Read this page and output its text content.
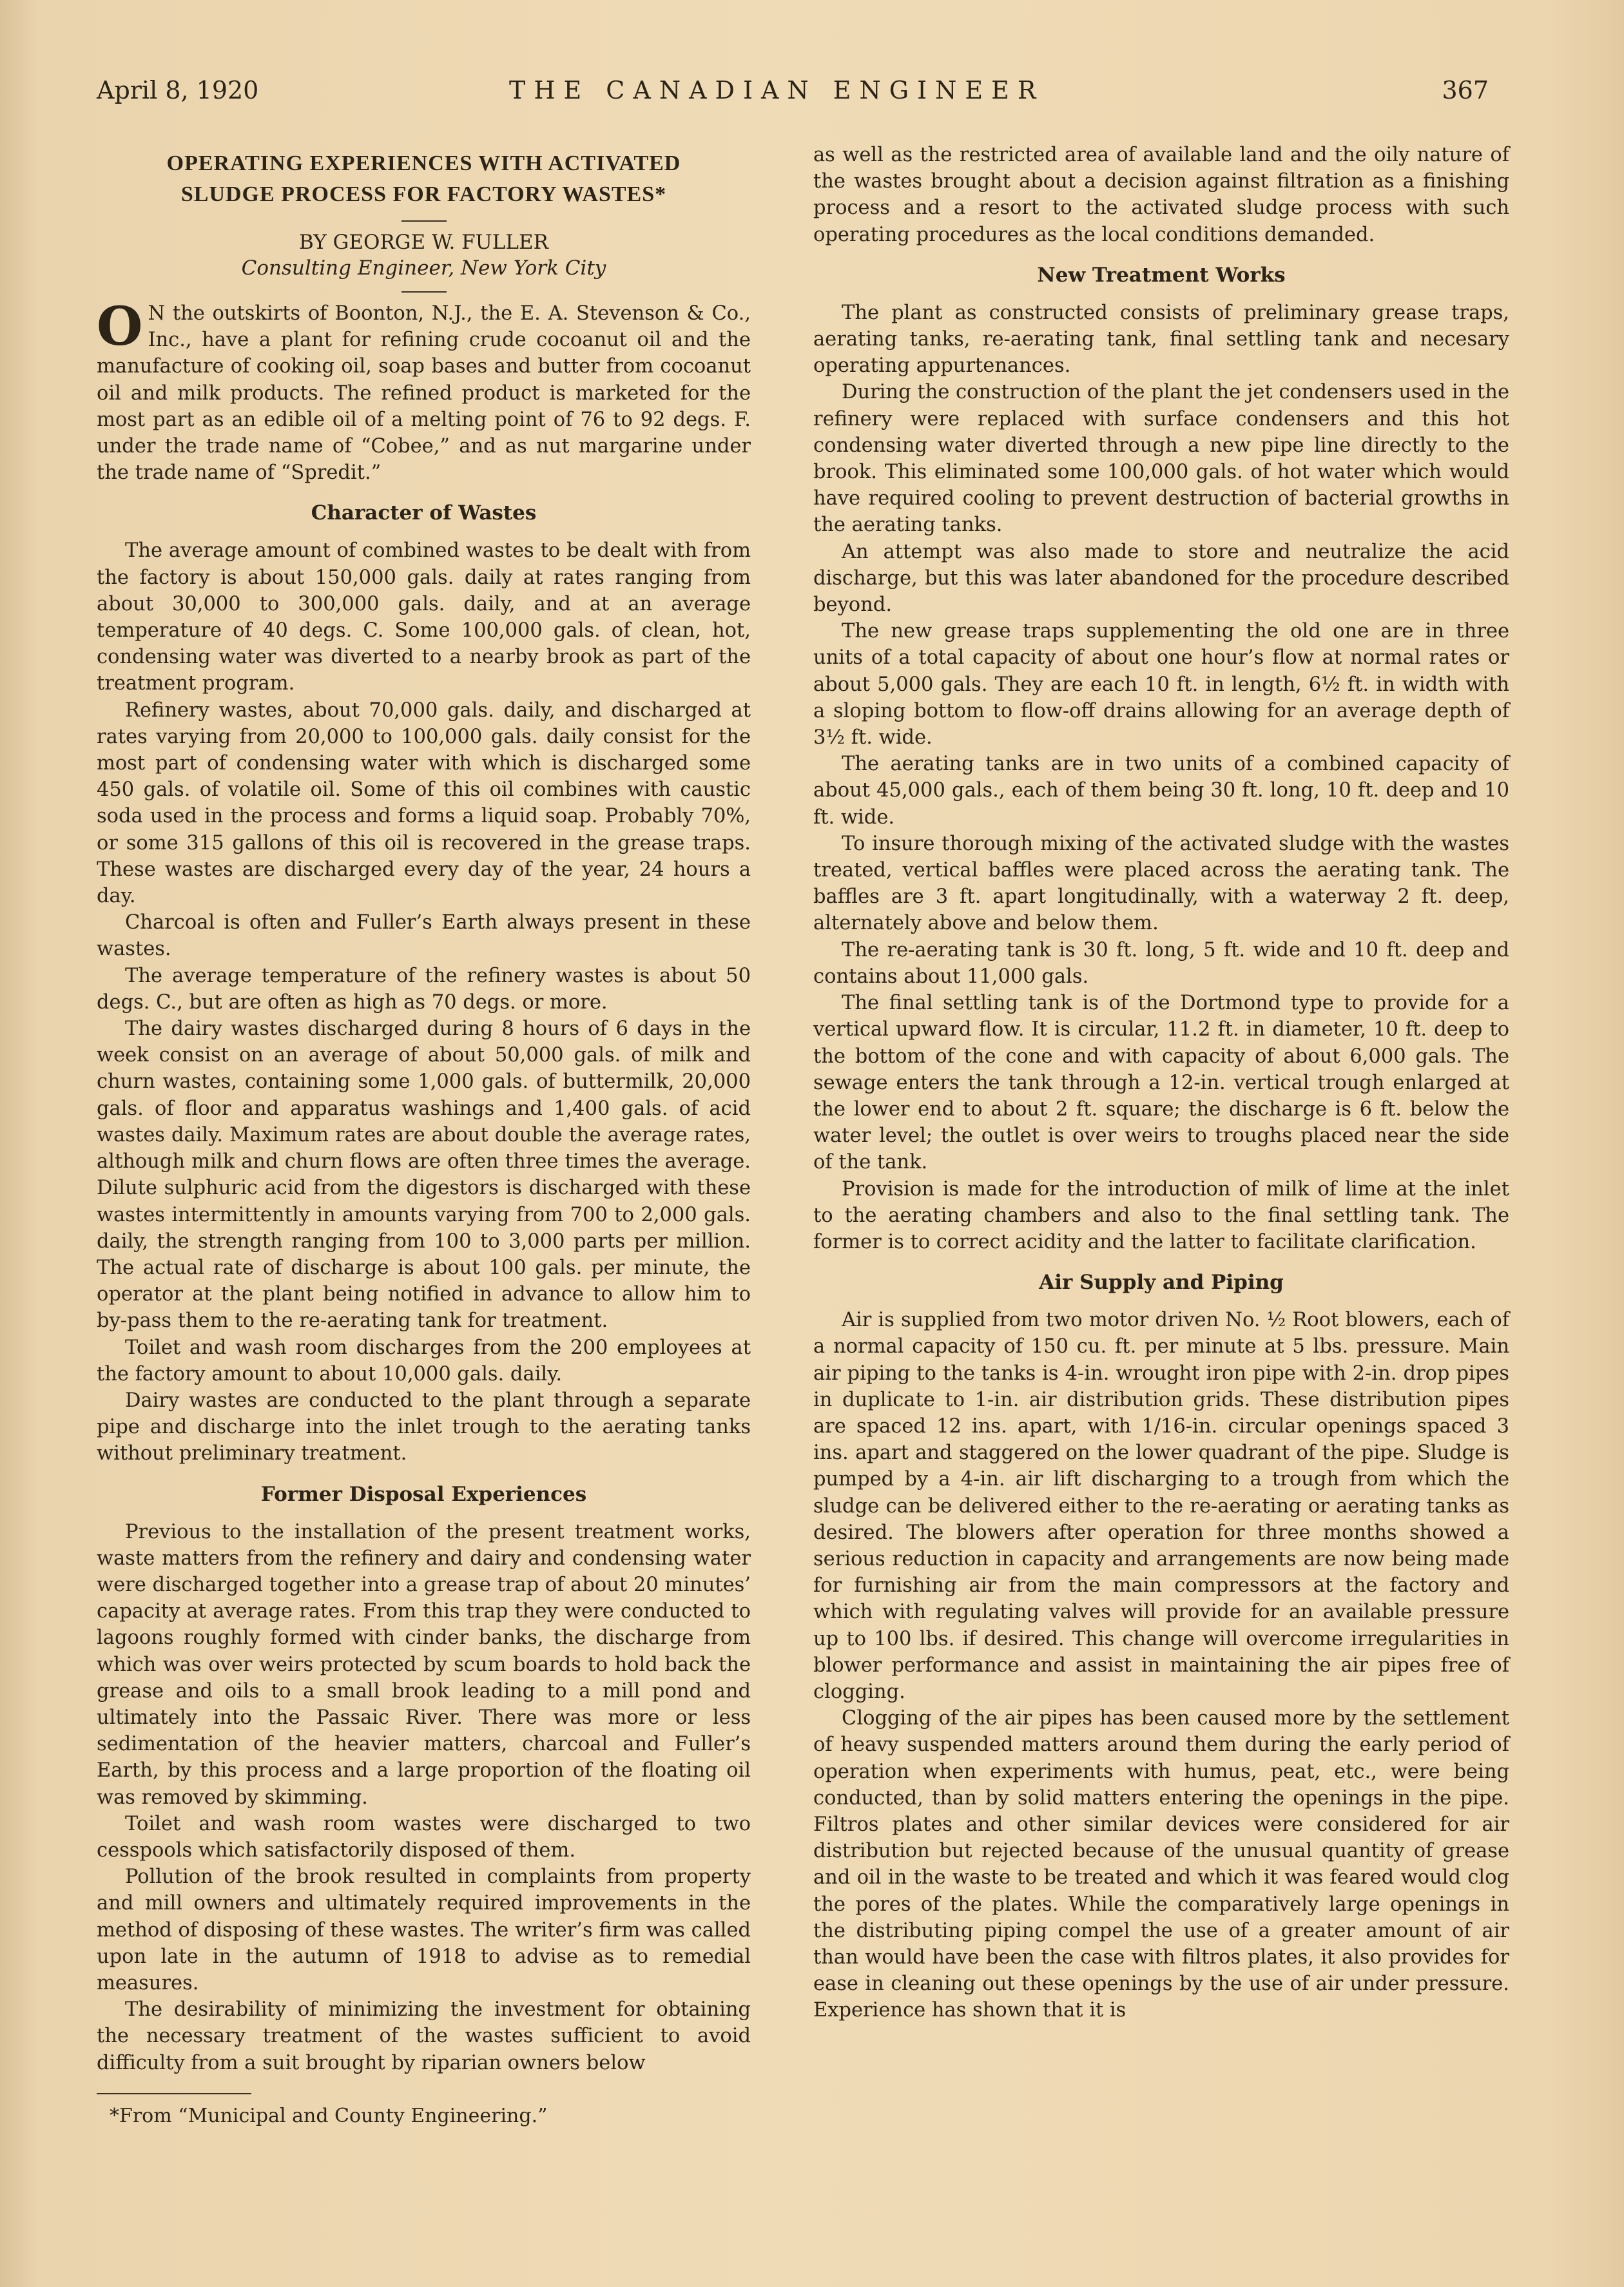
April 8, 1920	THE CANADIAN ENGINEER	367
OPERATING EXPERIENCES WITH ACTIVATED
SLUDGE PROCESS FOR FACTORY WASTES*
BY GEORGE W. FULLER
Consulting Engineer, New York City

O N the outskirts of Boonton, N.J., the E. A. Stevenson & Co., Inc., have a plant for refining crude cocoanut oil and the manufacture of cooking oil, soap bases and butter from cocoanut oil and milk products. The refined product is marketed for the most part as an edible oil of a melting point of 76 to 92 degs. F. under the trade name of “Cobee,” and as nut margarine under the trade name of “Spredit.”

Character of Wastes

The average amount of combined wastes to be dealt with from the factory is about 150,000 gals. daily at rates ranging from about 30,000 to 300,000 gals. daily, and at an average temperature of 40 degs. C. Some 100,000 gals. of clean, hot, condensing water was diverted to a nearby brook as part of the treatment program.

Refinery wastes, about 70,000 gals. daily, and discharged at rates varying from 20,000 to 100,000 gals. daily consist for the most part of condensing water with which is discharged some 450 gals. of volatile oil. Some of this oil combines with caustic soda used in the process and forms a liquid soap. Probably 70%, or some 315 gallons of this oil is recovered in the grease traps. These wastes are discharged every day of the year, 24 hours a day.

Charcoal is often and Fuller’s Earth always present in these wastes.

The average temperature of the refinery wastes is about 50 degs. C., but are often as high as 70 degs. or more.

The dairy wastes discharged during 8 hours of 6 days in the week consist on an average of about 50,000 gals. of milk and churn wastes, containing some 1,000 gals. of buttermilk, 20,000 gals. of floor and apparatus washings and 1,400 gals. of acid wastes daily. Maximum rates are about double the average rates, although milk and churn flows are often three times the average. Dilute sulphuric acid from the digestors is discharged with these wastes intermittently in amounts varying from 700 to 2,000 gals. daily, the strength ranging from 100 to 3,000 parts per million. The actual rate of discharge is about 100 gals. per minute, the operator at the plant being notified in advance to allow him to by-pass them to the re-aerating tank for treatment.

Toilet and wash room discharges from the 200 employees at the factory amount to about 10,000 gals. daily.

Dairy wastes are conducted to the plant through a separate pipe and discharge into the inlet trough to the aerating tanks without preliminary treatment.

Former Disposal Experiences

Previous to the installation of the present treatment works, waste matters from the refinery and dairy and condensing water were discharged together into a grease trap of about 20 minutes’ capacity at average rates. From this trap they were conducted to lagoons roughly formed with cinder banks, the discharge from which was over weirs protected by scum boards to hold back the grease and oils to a small brook leading to a mill pond and ultimately into the Passaic River. There was more or less sedimentation of the heavier matters, charcoal and Fuller’s Earth, by this process and a large proportion of the floating oil was removed by skimming.

Toilet and wash room wastes were discharged to two cesspools which satisfactorily disposed of them.

Pollution of the brook resulted in complaints from property and mill owners and ultimately required improvements in the method of disposing of these wastes. The writer’s firm was called upon late in the autumn of 1918 to advise as to remedial measures.

The desirability of minimizing the investment for obtaining the necessary treatment of the wastes sufficient to avoid difficulty from a suit brought by riparian owners below

*From “Municipal and County Engineering.”

as well as the restricted area of available land and the oily nature of the wastes brought about a decision against filtration as a finishing process and a resort to the activated sludge process with such operating procedures as the local conditions demanded.

New Treatment Works

The plant as constructed consists of preliminary grease traps, aerating tanks, re-aerating tank, final settling tank and necesary operating appurtenances.

During the construction of the plant the jet condensers used in the refinery were replaced with surface condensers and this hot condensing water diverted through a new pipe line directly to the brook. This eliminated some 100,000 gals. of hot water which would have required cooling to prevent destruction of bacterial growths in the aerating tanks.

An attempt was also made to store and neutralize the acid discharge, but this was later abandoned for the procedure described beyond.

The new grease traps supplementing the old one are in three units of a total capacity of about one hour’s flow at normal rates or about 5,000 gals. They are each 10 ft. in length, 6½ ft. in width with a sloping bottom to flow-off drains allowing for an average depth of 3½ ft. wide.

The aerating tanks are in two units of a combined capacity of about 45,000 gals., each of them being 30 ft. long, 10 ft. deep and 10 ft. wide.

To insure thorough mixing of the activated sludge with the wastes treated, vertical baffles were placed across the aerating tank. The baffles are 3 ft. apart longitudinally, with a waterway 2 ft. deep, alternately above and below them.

The re-aerating tank is 30 ft. long, 5 ft. wide and 10 ft. deep and contains about 11,000 gals.

The final settling tank is of the Dortmond type to provide for a vertical upward flow. It is circular, 11.2 ft. in diameter, 10 ft. deep to the bottom of the cone and with capacity of about 6,000 gals. The sewage enters the tank through a 12-in. vertical trough enlarged at the lower end to about 2 ft. square; the discharge is 6 ft. below the water level; the outlet is over weirs to troughs placed near the side of the tank.

Provision is made for the introduction of milk of lime at the inlet to the aerating chambers and also to the final settling tank. The former is to correct acidity and the latter to facilitate clarification.

Air Supply and Piping

Air is supplied from two motor driven No. ½ Root blowers, each of a normal capacity of 150 cu. ft. per minute at 5 lbs. pressure. Main air piping to the tanks is 4-in. wrought iron pipe with 2-in. drop pipes in duplicate to 1-in. air distribution grids. These distribution pipes are spaced 12 ins. apart, with 1/16-in. circular openings spaced 3 ins. apart and staggered on the lower quadrant of the pipe. Sludge is pumped by a 4-in. air lift discharging to a trough from which the sludge can be delivered either to the re-aerating or aerating tanks as desired. The blowers after operation for three months showed a serious reduction in capacity and arrangements are now being made for furnishing air from the main compressors at the factory and which with regulating valves will provide for an available pressure up to 100 lbs. if desired. This change will overcome irregularities in blower performance and assist in maintaining the air pipes free of clogging.

Clogging of the air pipes has been caused more by the settlement of heavy suspended matters around them during the early period of operation when experiments with humus, peat, etc., were being conducted, than by solid matters entering the openings in the pipe. Filtros plates and other similar devices were considered for air distribution but rejected because of the unusual quantity of grease and oil in the waste to be treated and which it was feared would clog the pores of the plates. While the comparatively large openings in the distributing piping compel the use of a greater amount of air than would have been the case with filtros plates, it also provides for ease in cleaning out these openings by the use of air under pressure. Experience has shown that it is
